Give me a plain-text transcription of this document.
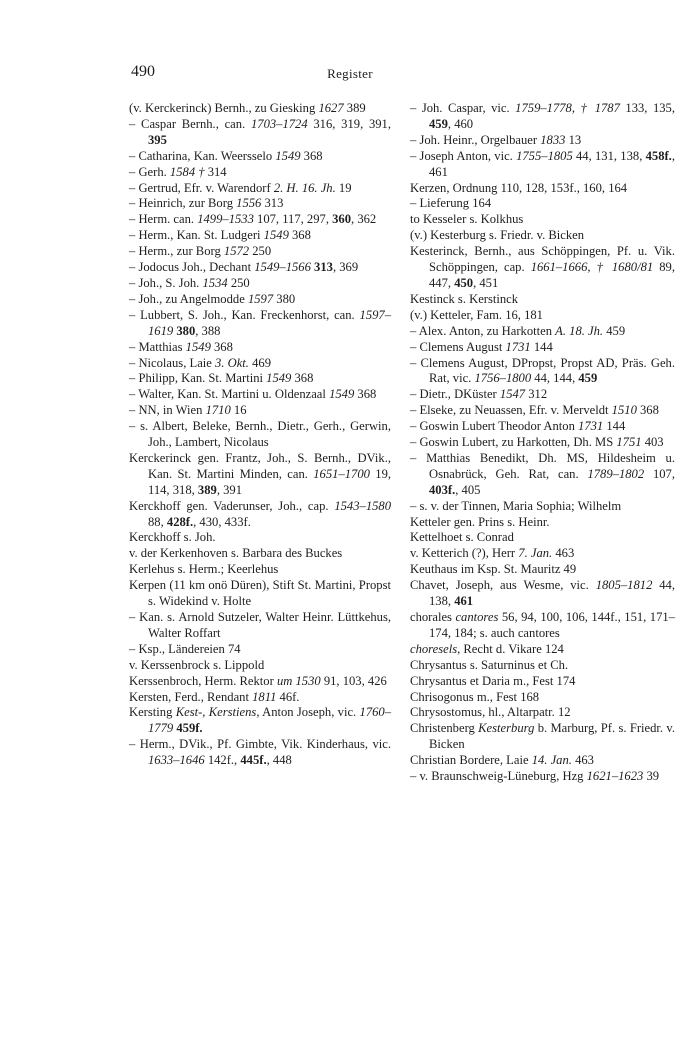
490	Register
(v. Kerckerinck) Bernh., zu Giesking 1627 389
– Caspar Bernh., can. 1703–1724 316, 319, 391, 395
– Catharina, Kan. Weersselo 1549 368
– Gerh. 1584 † 314
– Gertrud, Efr. v. Warendorf 2. H. 16. Jh. 19
– Heinrich, zur Borg 1556 313
– Herm. can. 1499–1533 107, 117, 297, 360, 362
– Herm., Kan. St. Ludgeri 1549 368
– Herm., zur Borg 1572 250
– Jodocus Joh., Dechant 1549–1566 313, 369
– Joh., S. Joh. 1534 250
– Joh., zu Angelmodde 1597 380
– Lubbert, S. Joh., Kan. Freckenhorst, can. 1597–1619 380, 388
– Matthias 1549 368
– Nicolaus, Laie 3. Okt. 469
– Philipp, Kan. St. Martini 1549 368
– Walter, Kan. St. Martini u. Oldenzaal 1549 368
– NN, in Wien 1710 16
– s. Albert, Beleke, Bernh., Dietr., Gerh., Gerwin, Joh., Lambert, Nicolaus
Kerckerinck gen. Frantz, Joh., S. Bernh., DVik., Kan. St. Martini Minden, can. 1651–1700 19, 114, 318, 389, 391
Kerckhoff gen. Vaderunser, Joh., cap. 1543–1580 88, 428f., 430, 433f.
Kerckhoff s. Joh.
v. der Kerkenhoven s. Barbara des Buckes
Kerlehus s. Herm.; Keerlehus
Kerpen (11 km onö Düren), Stift St. Martini, Propst s. Widekind v. Holte
– Kan. s. Arnold Sutzeler, Walter Heinr. Lüttkehus, Walter Roffart
– Ksp., Ländereien 74
v. Kerssenbrock s. Lippold
Kerssenbroch, Herm. Rektor um 1530 91, 103, 426
Kersten, Ferd., Rendant 1811 46f.
Kersting Kest-, Kerstiens, Anton Joseph, vic. 1760–1779 459f.
– Herm., DVik., Pf. Gimbte, Vik. Kinderhaus, vic. 1633–1646 142f., 445f., 448
– Joh. Caspar, vic. 1759–1778, † 1787 133, 135, 459, 460
– Joh. Heinr., Orgelbauer 1833 13
– Joseph Anton, vic. 1755–1805 44, 131, 138, 458f., 461
Kerzen, Ordnung 110, 128, 153f., 160, 164
– Lieferung 164
to Kesseler s. Kolkhus
(v.) Kesterburg s. Friedr. v. Bicken
Kesterinck, Bernh., aus Schöppingen, Pf. u. Vik. Schöppingen, cap. 1661–1666, † 1680/81 89, 447, 450, 451
Kestinck s. Kerstinck
(v.) Ketteler, Fam. 16, 181
– Alex. Anton, zu Harkotten A. 18. Jh. 459
– Clemens August 1731 144
– Clemens August, DPropst, Propst AD, Präs. Geh. Rat, vic. 1756–1800 44, 144, 459
– Dietr., DKüster 1547 312
– Elseke, zu Neuassen, Efr. v. Merveldt 1510 368
– Goswin Lubert Theodor Anton 1731 144
– Goswin Lubert, zu Harkotten, Dh. MS 1751 403
– Matthias Benedikt, Dh. MS, Hildesheim u. Osnabrück, Geh. Rat, can. 1789–1802 107, 403f., 405
– s. v. der Tinnen, Maria Sophia; Wilhelm
Ketteler gen. Prins s. Heinr.
Kettelhoet s. Conrad
v. Ketterich (?), Herr 7. Jan. 463
Keuthaus im Ksp. St. Mauritz 49
Chavet, Joseph, aus Wesme, vic. 1805–1812 44, 138, 461
chorales cantores 56, 94, 100, 106, 144f., 151, 171–174, 184; s. auch cantores
choresels, Recht d. Vikare 124
Chrysantus s. Saturninus et Ch.
Chrysantus et Daria m., Fest 174
Chrisogonus m., Fest 168
Chrysostomus, hl., Altarpatr. 12
Christenberg Kesterburg b. Marburg, Pf. s. Friedr. v. Bicken
Christian Bordere, Laie 14. Jan. 463
– v. Braunschweig-Lüneburg, Hzg 1621–1623 39
